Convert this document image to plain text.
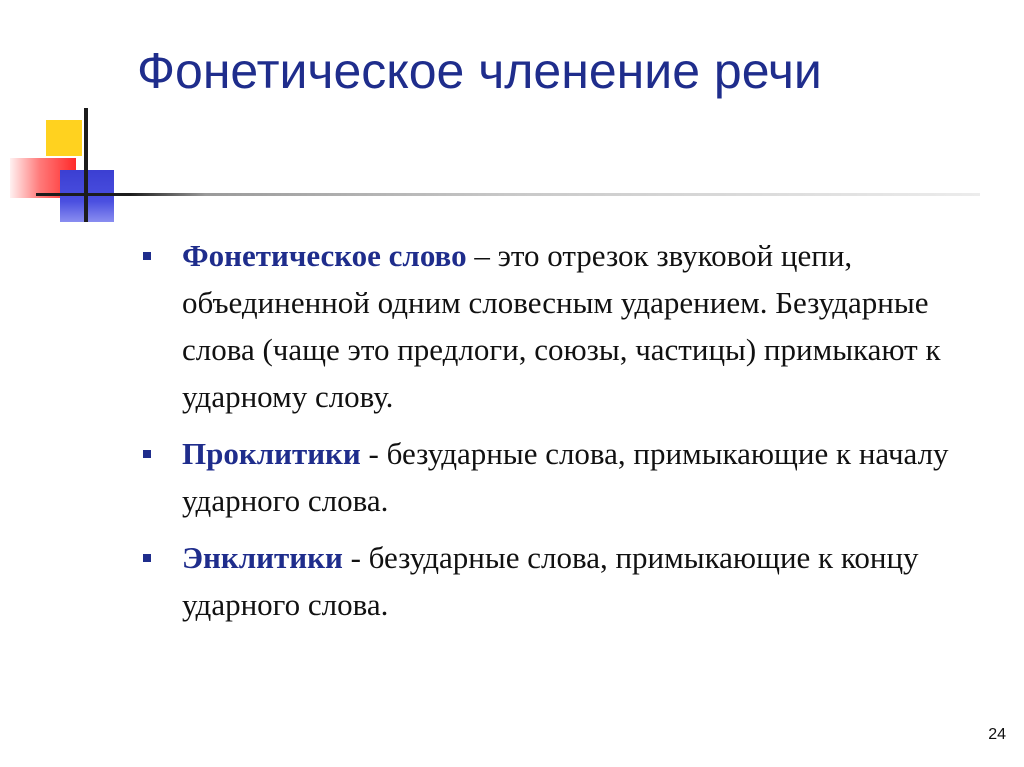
Фонетическое членение речи
Фонетическое слово – это отрезок звуковой цепи, объединенной одним словесным ударением. Безударные слова (чаще это предлоги, союзы, частицы) примыкают к ударному слову.
Проклитики - безударные слова, примыкающие к началу ударного слова.
Энклитики - безударные слова, примыкающие к концу ударного слова.
24
